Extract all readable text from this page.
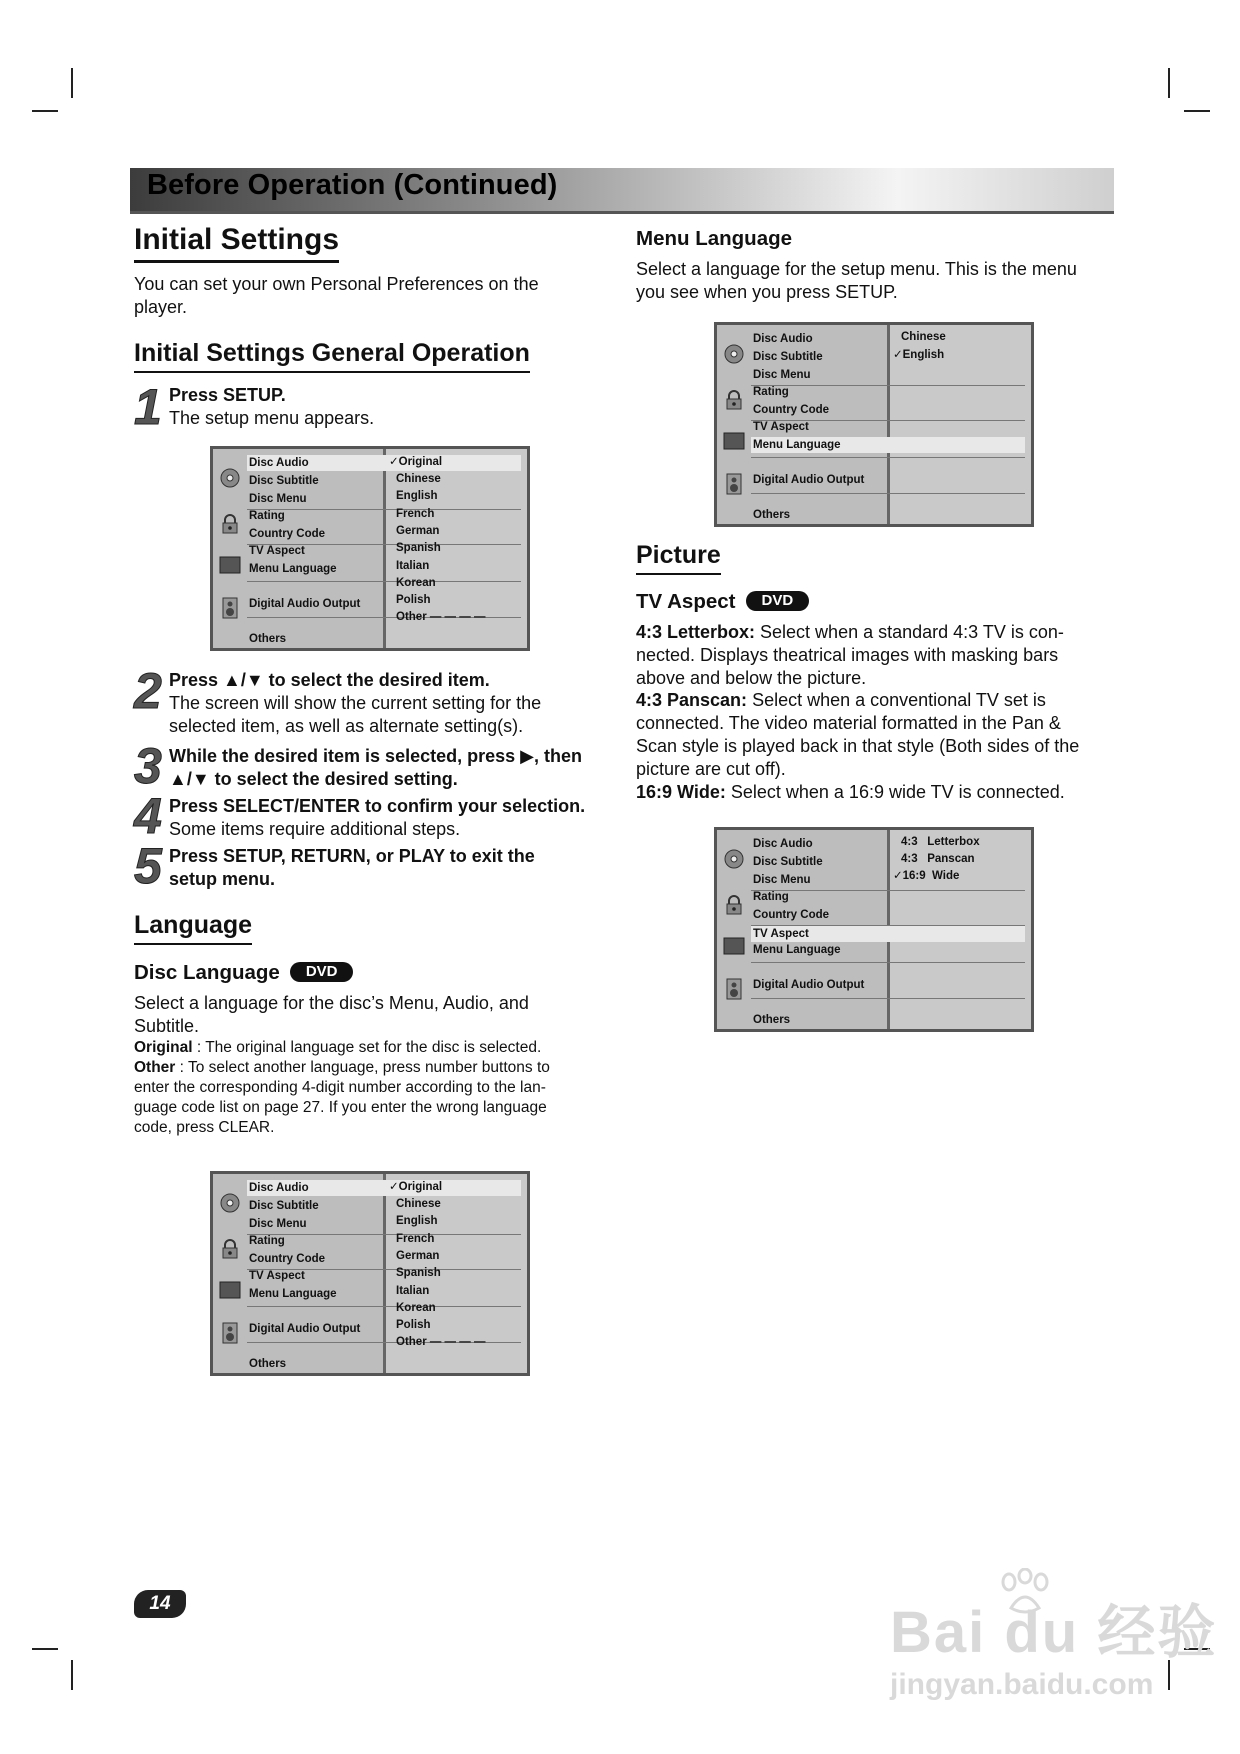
Before Operation (Continued)
Initial Settings
You can set your own Personal Preferences on the
player.
Initial Settings General Operation
1 Press SETUP.
The setup menu appears.
Disc Audio
Disc Subtitle
Disc Menu
Rating
Country Code
TV Aspect
Menu Language
Digital Audio Output
Others
✓Original
Chinese
English
French
German
Spanish
Italian
Korean
Polish
Other — — — —
2 Press ▲/▼ to select the desired item.
The screen will show the current setting for the
selected item, as well as alternate setting(s).
3 While the desired item is selected, press ▶, then
▲/▼ to select the desired setting.
4 Press SELECT/ENTER to confirm your selection.
Some items require additional steps.
5 Press SETUP, RETURN, or PLAY to exit the
setup menu.
Language
Disc Language DVD
Select a language for the disc’s Menu, Audio, and
Subtitle.
Original : The original language set for the disc is selected.
Other : To select another language, press number buttons to
enter the corresponding 4-digit number according to the lan-
guage code list on page 27. If you enter the wrong language
code, press CLEAR.
Disc Audio
Disc Subtitle
Disc Menu
Rating
Country Code
TV Aspect
Menu Language
Digital Audio Output
Others
✓Original
Chinese
English
French
German
Spanish
Italian
Korean
Polish
Other — — — —
Menu Language
Select a language for the setup menu. This is the menu
you see when you press SETUP.
Disc Audio
Disc Subtitle
Disc Menu
Rating
Country Code
TV Aspect
Menu Language
Digital Audio Output
Others
Chinese
✓English
Picture
TV Aspect DVD
4:3 Letterbox: Select when a standard 4:3 TV is con-
nected. Displays theatrical images with masking bars
above and below the picture.
4:3 Panscan: Select when a conventional TV set is
connected. The video material formatted in the Pan &
Scan style is played back in that style (Both sides of the
picture are cut off).
16:9 Wide: Select when a 16:9 wide TV is connected.
Disc Audio
Disc Subtitle
Disc Menu
Rating
Country Code
TV Aspect
Menu Language
Digital Audio Output
Others
4:3   Letterbox
4:3   Panscan
✓16:9  Wide
14	Bai du 经验
jingyan.baidu.com
